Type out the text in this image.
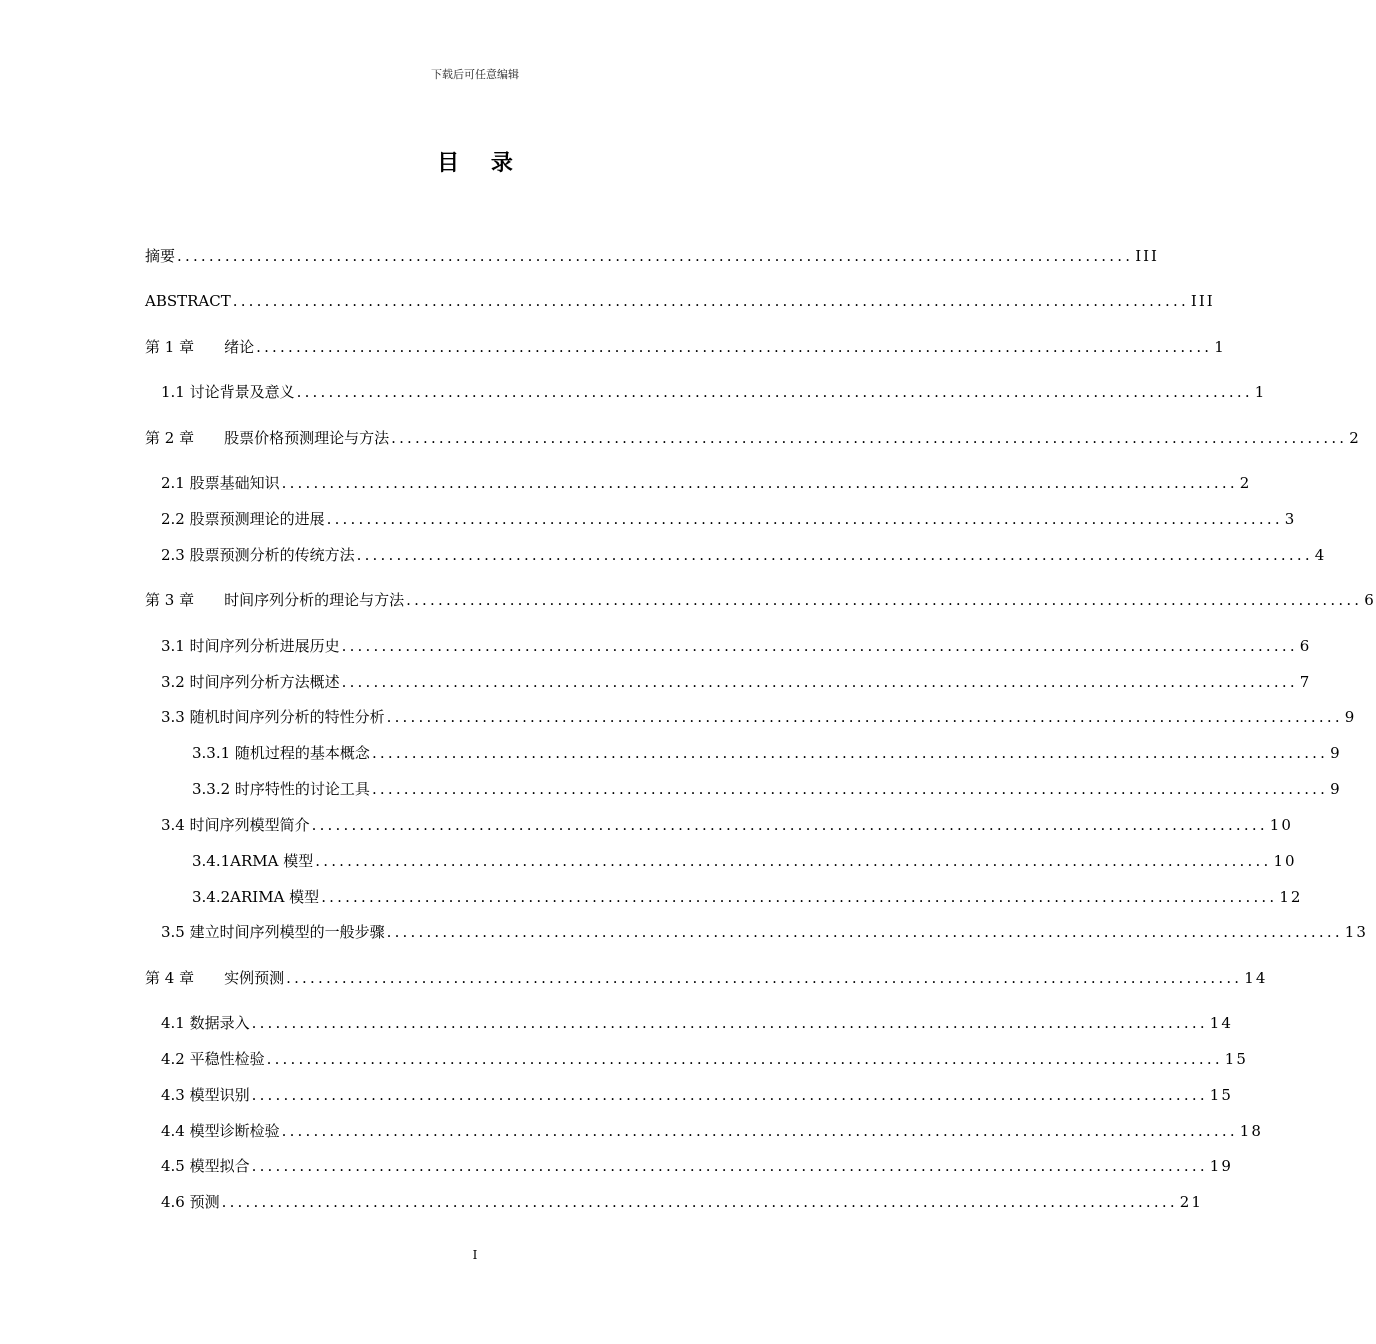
下载后可任意编辑
目 录
摘要 ........................................................................................................................ III
ABSTRACT ........................................................................................................................ III
第 1 章 绪论 ........................................................................................................................ 1
1.1 讨论背景及意义 ........................................................................................................................ 1
第 2 章 股票价格预测理论与方法 ........................................................................................................................ 2
2.1 股票基础知识 ........................................................................................................................ 2
2.2 股票预测理论的进展 ........................................................................................................................ 3
2.3 股票预测分析的传统方法 ........................................................................................................................ 4
第 3 章 时间序列分析的理论与方法 ........................................................................................................................ 6
3.1 时间序列分析进展历史 ........................................................................................................................ 6
3.2 时间序列分析方法概述 ........................................................................................................................ 7
3.3 随机时间序列分析的特性分析 ........................................................................................................................ 9
3.3.1 随机过程的基本概念 ........................................................................................................................ 9
3.3.2 时序特性的讨论工具 ........................................................................................................................ 9
3.4 时间序列模型简介 ........................................................................................................................ 10
3.4.1ARMA 模型 ........................................................................................................................ 10
3.4.2ARIMA 模型 ........................................................................................................................ 12
3.5 建立时间序列模型的一般步骤 ........................................................................................................................ 13
第 4 章 实例预测 ........................................................................................................................ 14
4.1 数据录入 ........................................................................................................................ 14
4.2 平稳性检验 ........................................................................................................................ 15
4.3 模型识别 ........................................................................................................................ 15
4.4 模型诊断检验 ........................................................................................................................ 18
4.5 模型拟合 ........................................................................................................................ 19
4.6 预测 ........................................................................................................................ 21
I
